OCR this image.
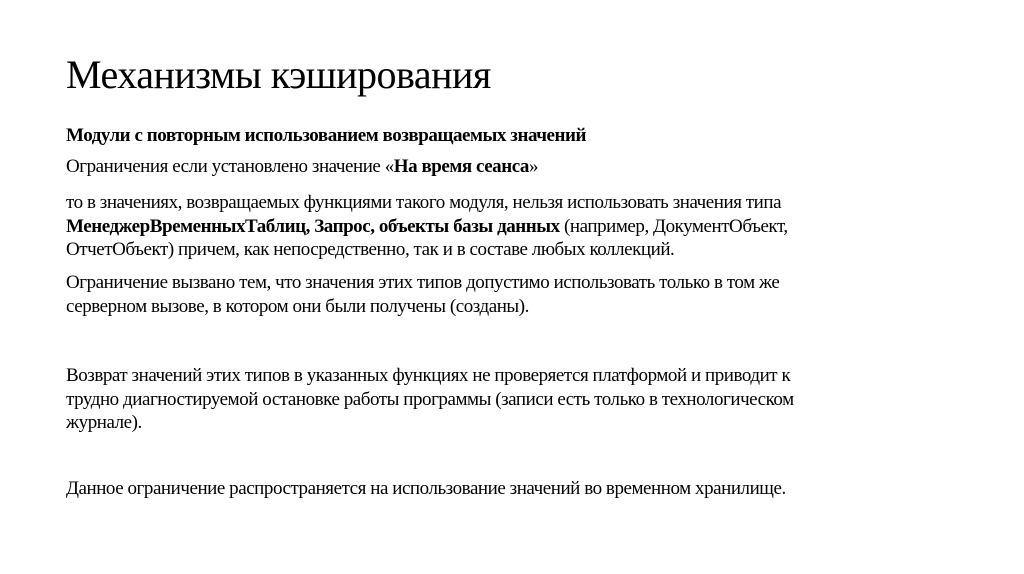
Механизмы кэширования
Модули с повторным использованием возвращаемых значений
Ограничения если установлено значение «На время сеанса»
то в значениях, возвращаемых функциями такого модуля, нельзя использовать значения типа
МенеджерВременныхТаблиц, Запрос, объекты базы данных (например, ДокументОбъект,
ОтчетОбъект) причем, как непосредственно, так и в составе любых коллекций.
Ограничение вызвано тем, что значения этих типов допустимо использовать только в том же
серверном вызове, в котором они были получены (созданы).
Возврат значений этих типов в указанных функциях не проверяется платформой и приводит к
трудно диагностируемой остановке работы программы (записи есть только в технологическом
журнале).
Данное ограничение распространяется на использование значений во временном хранилище.
